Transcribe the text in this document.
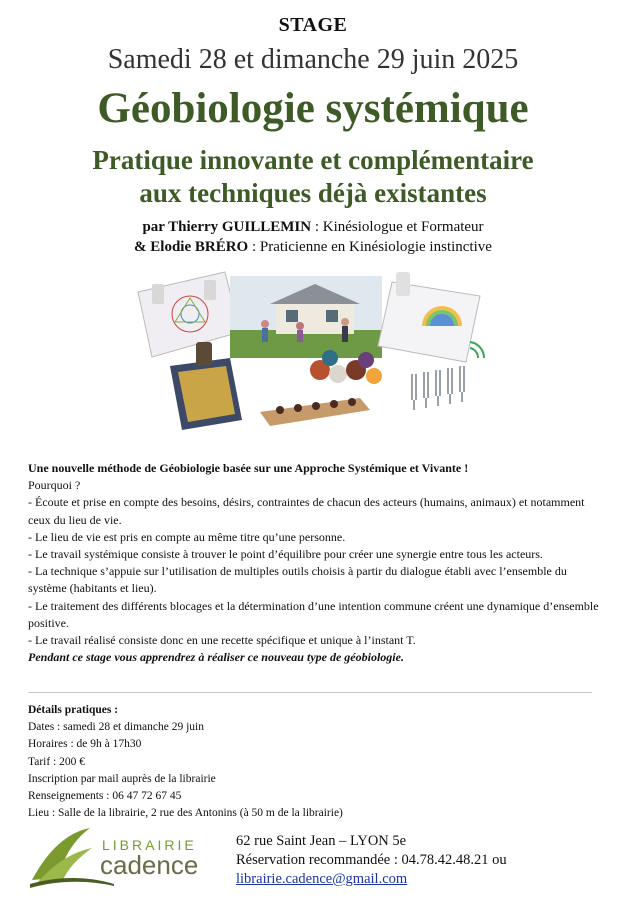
STAGE
Samedi 28 et dimanche 29 juin 2025
Géobiologie systémique
Pratique innovante et complémentaire
aux techniques déjà existantes
par Thierry GUILLEMIN : Kinésiologue et Formateur
& Elodie BRÉRO : Praticienne en Kinésiologie instinctive

Une nouvelle méthode de Géobiologie basée sur une Approche Systémique et Vivante !

Pourquoi ?

- Écoute et prise en compte des besoins, désirs, contraintes de chacun des acteurs (humains, animaux) et notamment ceux du lieu de vie.

- Le lieu de vie est pris en compte au même titre qu’une personne.

- Le travail systémique consiste à trouver le point d’équilibre pour créer une synergie entre tous les acteurs.

- La technique s’appuie sur l’utilisation de multiples outils choisis à partir du dialogue établi avec l’ensemble du système (habitants et lieu).

- Le traitement des différents blocages et la détermination d’une intention commune créent une dynamique d’ensemble positive.

- Le travail réalisé consiste donc en une recette spécifique et unique à l’instant T.

Pendant ce stage vous apprendrez à réaliser ce nouveau type de géobiologie.

Détails pratiques :

Dates : samedi 28 et dimanche 29 juin

Horaires : de 9h à 17h30

Tarif : 200 €

Inscription par mail auprès de la librairie

Renseignements : 06 47 72 67 45

Lieu : Salle de la librairie, 2 rue des Antonins (à 50 m de la librairie)

LIBRAIRIE
cadence

62 rue Saint Jean – LYON 5e

Réservation recommandée : 04.78.42.48.21 ou

librairie.cadence@gmail.com
